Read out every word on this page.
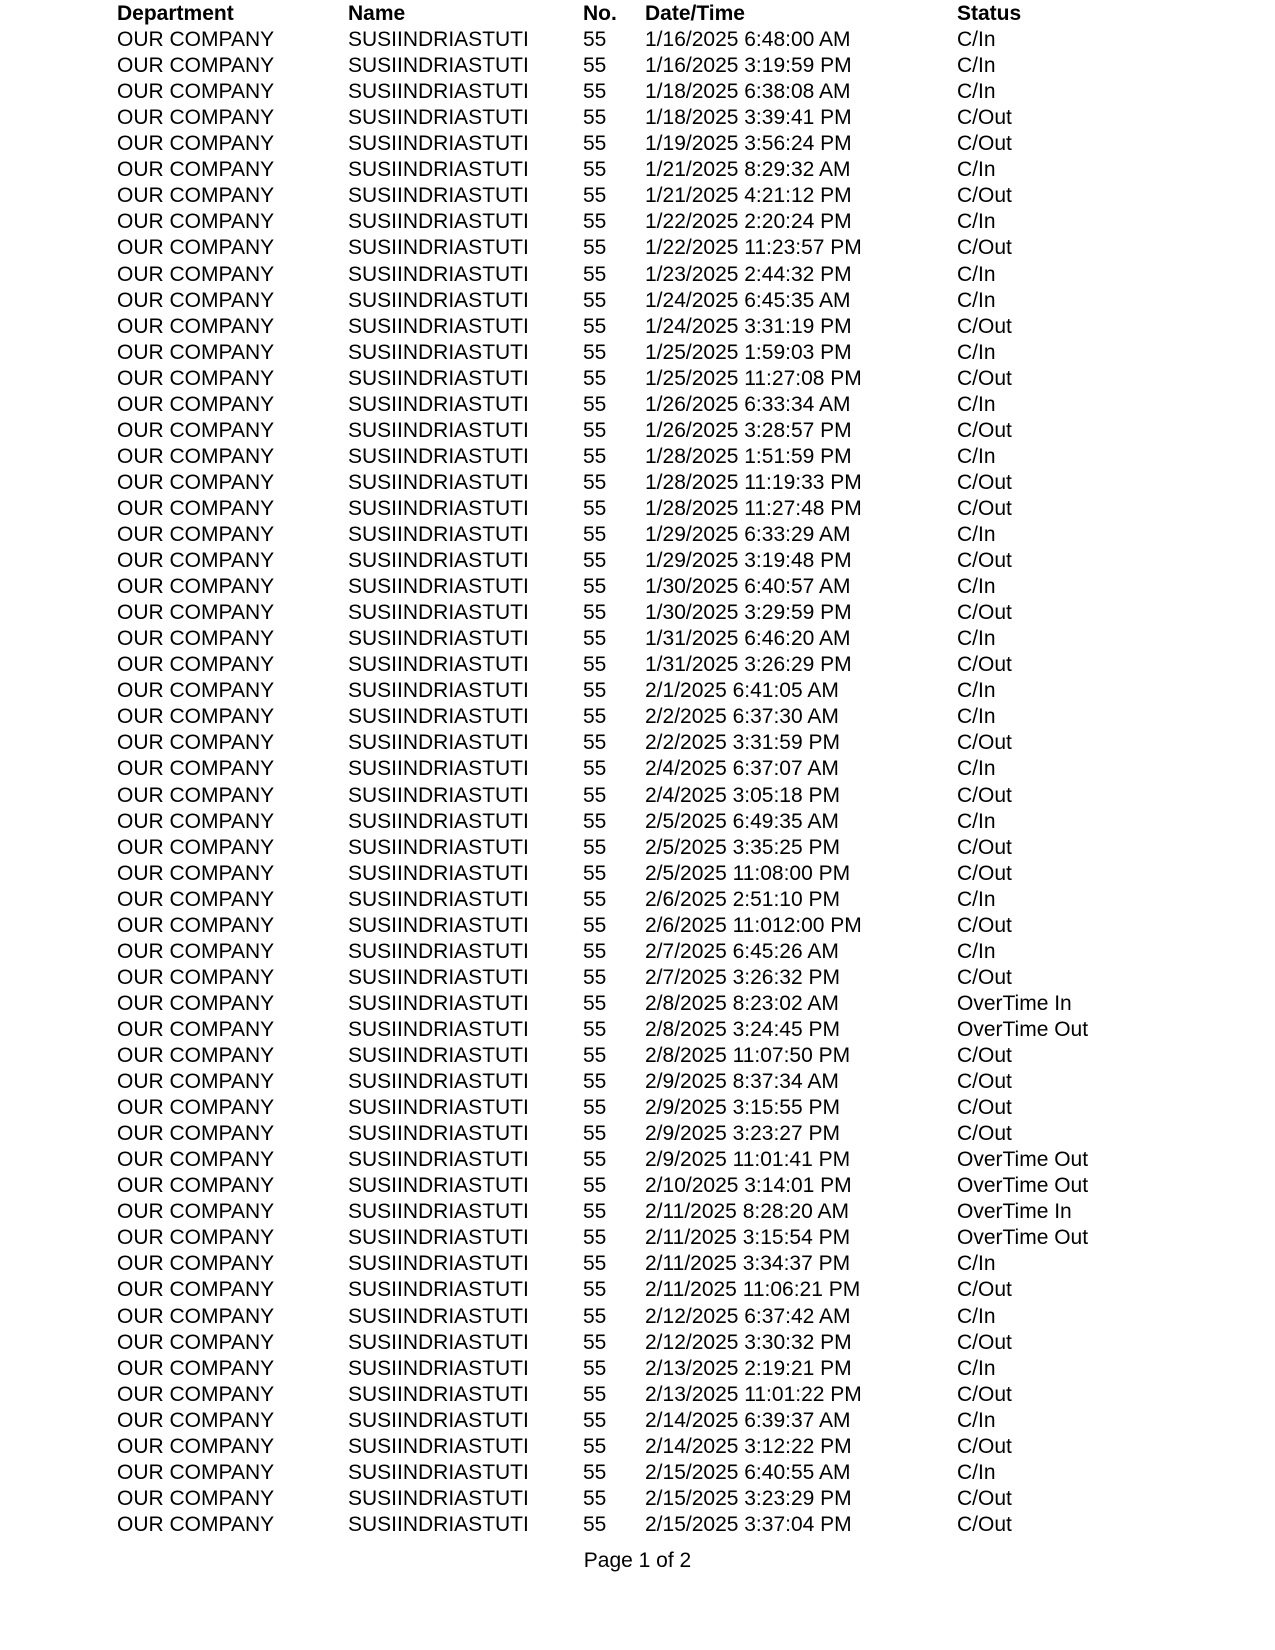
Department	Name	No. Date/Time	Status
OUR COMPANY	SUSIINDRIASTUTI	55 1/16/2025 6:48:00 AM	C/In
OUR COMPANY	SUSIINDRIASTUTI	55 1/16/2025 3:19:59 PM	C/In
OUR COMPANY	SUSIINDRIASTUTI	55 1/18/2025 6:38:08 AM	C/In
OUR COMPANY	SUSIINDRIASTUTI	55 1/18/2025 3:39:41 PM	C/Out
OUR COMPANY	SUSIINDRIASTUTI	55 1/19/2025 3:56:24 PM	C/Out
OUR COMPANY	SUSIINDRIASTUTI	55 1/21/2025 8:29:32 AM	C/In
OUR COMPANY	SUSIINDRIASTUTI	55 1/21/2025 4:21:12 PM	C/Out
OUR COMPANY	SUSIINDRIASTUTI	55 1/22/2025 2:20:24 PM	C/In
OUR COMPANY	SUSIINDRIASTUTI	55 1/22/2025 11:23:57 PM	C/Out
OUR COMPANY	SUSIINDRIASTUTI	55 1/23/2025 2:44:32 PM	C/In
OUR COMPANY	SUSIINDRIASTUTI	55 1/24/2025 6:45:35 AM	C/In
OUR COMPANY	SUSIINDRIASTUTI	55 1/24/2025 3:31:19 PM	C/Out
OUR COMPANY	SUSIINDRIASTUTI	55 1/25/2025 1:59:03 PM	C/In
OUR COMPANY	SUSIINDRIASTUTI	55 1/25/2025 11:27:08 PM	C/Out
OUR COMPANY	SUSIINDRIASTUTI	55 1/26/2025 6:33:34 AM	C/In
OUR COMPANY	SUSIINDRIASTUTI	55 1/26/2025 3:28:57 PM	C/Out
OUR COMPANY	SUSIINDRIASTUTI	55 1/28/2025 1:51:59 PM	C/In
OUR COMPANY	SUSIINDRIASTUTI	55 1/28/2025 11:19:33 PM	C/Out
OUR COMPANY	SUSIINDRIASTUTI	55 1/28/2025 11:27:48 PM	C/Out
OUR COMPANY	SUSIINDRIASTUTI	55 1/29/2025 6:33:29 AM	C/In
OUR COMPANY	SUSIINDRIASTUTI	55 1/29/2025 3:19:48 PM	C/Out
OUR COMPANY	SUSIINDRIASTUTI	55 1/30/2025 6:40:57 AM	C/In
OUR COMPANY	SUSIINDRIASTUTI	55 1/30/2025 3:29:59 PM	C/Out
OUR COMPANY	SUSIINDRIASTUTI	55 1/31/2025 6:46:20 AM	C/In
OUR COMPANY	SUSIINDRIASTUTI	55 1/31/2025 3:26:29 PM	C/Out
OUR COMPANY	SUSIINDRIASTUTI	55 2/1/2025 6:41:05 AM	C/In
OUR COMPANY	SUSIINDRIASTUTI	55 2/2/2025 6:37:30 AM	C/In
OUR COMPANY	SUSIINDRIASTUTI	55 2/2/2025 3:31:59 PM	C/Out
OUR COMPANY	SUSIINDRIASTUTI	55 2/4/2025 6:37:07 AM	C/In
OUR COMPANY	SUSIINDRIASTUTI	55 2/4/2025 3:05:18 PM	C/Out
OUR COMPANY	SUSIINDRIASTUTI	55 2/5/2025 6:49:35 AM	C/In
OUR COMPANY	SUSIINDRIASTUTI	55 2/5/2025 3:35:25 PM	C/Out
OUR COMPANY	SUSIINDRIASTUTI	55 2/5/2025 11:08:00 PM	C/Out
OUR COMPANY	SUSIINDRIASTUTI	55 2/6/2025 2:51:10 PM	C/In
OUR COMPANY	SUSIINDRIASTUTI	55 2/6/2025 11:012:00 PM	C/Out
OUR COMPANY	SUSIINDRIASTUTI	55 2/7/2025 6:45:26 AM	C/In
OUR COMPANY	SUSIINDRIASTUTI	55 2/7/2025 3:26:32 PM	C/Out
OUR COMPANY	SUSIINDRIASTUTI	55 2/8/2025 8:23:02 AM	OverTime In
OUR COMPANY	SUSIINDRIASTUTI	55 2/8/2025 3:24:45 PM	OverTime Out
OUR COMPANY	SUSIINDRIASTUTI	55 2/8/2025 11:07:50 PM	C/Out
OUR COMPANY	SUSIINDRIASTUTI	55 2/9/2025 8:37:34 AM	C/Out
OUR COMPANY	SUSIINDRIASTUTI	55 2/9/2025 3:15:55 PM	C/Out
OUR COMPANY	SUSIINDRIASTUTI	55 2/9/2025 3:23:27 PM	C/Out
OUR COMPANY	SUSIINDRIASTUTI	55 2/9/2025 11:01:41 PM	OverTime Out
OUR COMPANY	SUSIINDRIASTUTI	55 2/10/2025 3:14:01 PM	OverTime Out
OUR COMPANY	SUSIINDRIASTUTI	55 2/11/2025 8:28:20 AM	OverTime In
OUR COMPANY	SUSIINDRIASTUTI	55 2/11/2025 3:15:54 PM	OverTime Out
OUR COMPANY	SUSIINDRIASTUTI	55 2/11/2025 3:34:37 PM	C/In
OUR COMPANY	SUSIINDRIASTUTI	55 2/11/2025 11:06:21 PM	C/Out
OUR COMPANY	SUSIINDRIASTUTI	55 2/12/2025 6:37:42 AM	C/In
OUR COMPANY	SUSIINDRIASTUTI	55 2/12/2025 3:30:32 PM	C/Out
OUR COMPANY	SUSIINDRIASTUTI	55 2/13/2025 2:19:21 PM	C/In
OUR COMPANY	SUSIINDRIASTUTI	55 2/13/2025 11:01:22 PM	C/Out
OUR COMPANY	SUSIINDRIASTUTI	55 2/14/2025 6:39:37 AM	C/In
OUR COMPANY	SUSIINDRIASTUTI	55 2/14/2025 3:12:22 PM	C/Out
OUR COMPANY	SUSIINDRIASTUTI	55 2/15/2025 6:40:55 AM	C/In
OUR COMPANY	SUSIINDRIASTUTI	55 2/15/2025 3:23:29 PM	C/Out
OUR COMPANY	SUSIINDRIASTUTI	55 2/15/2025 3:37:04 PM	C/Out
Page 1 of 2
